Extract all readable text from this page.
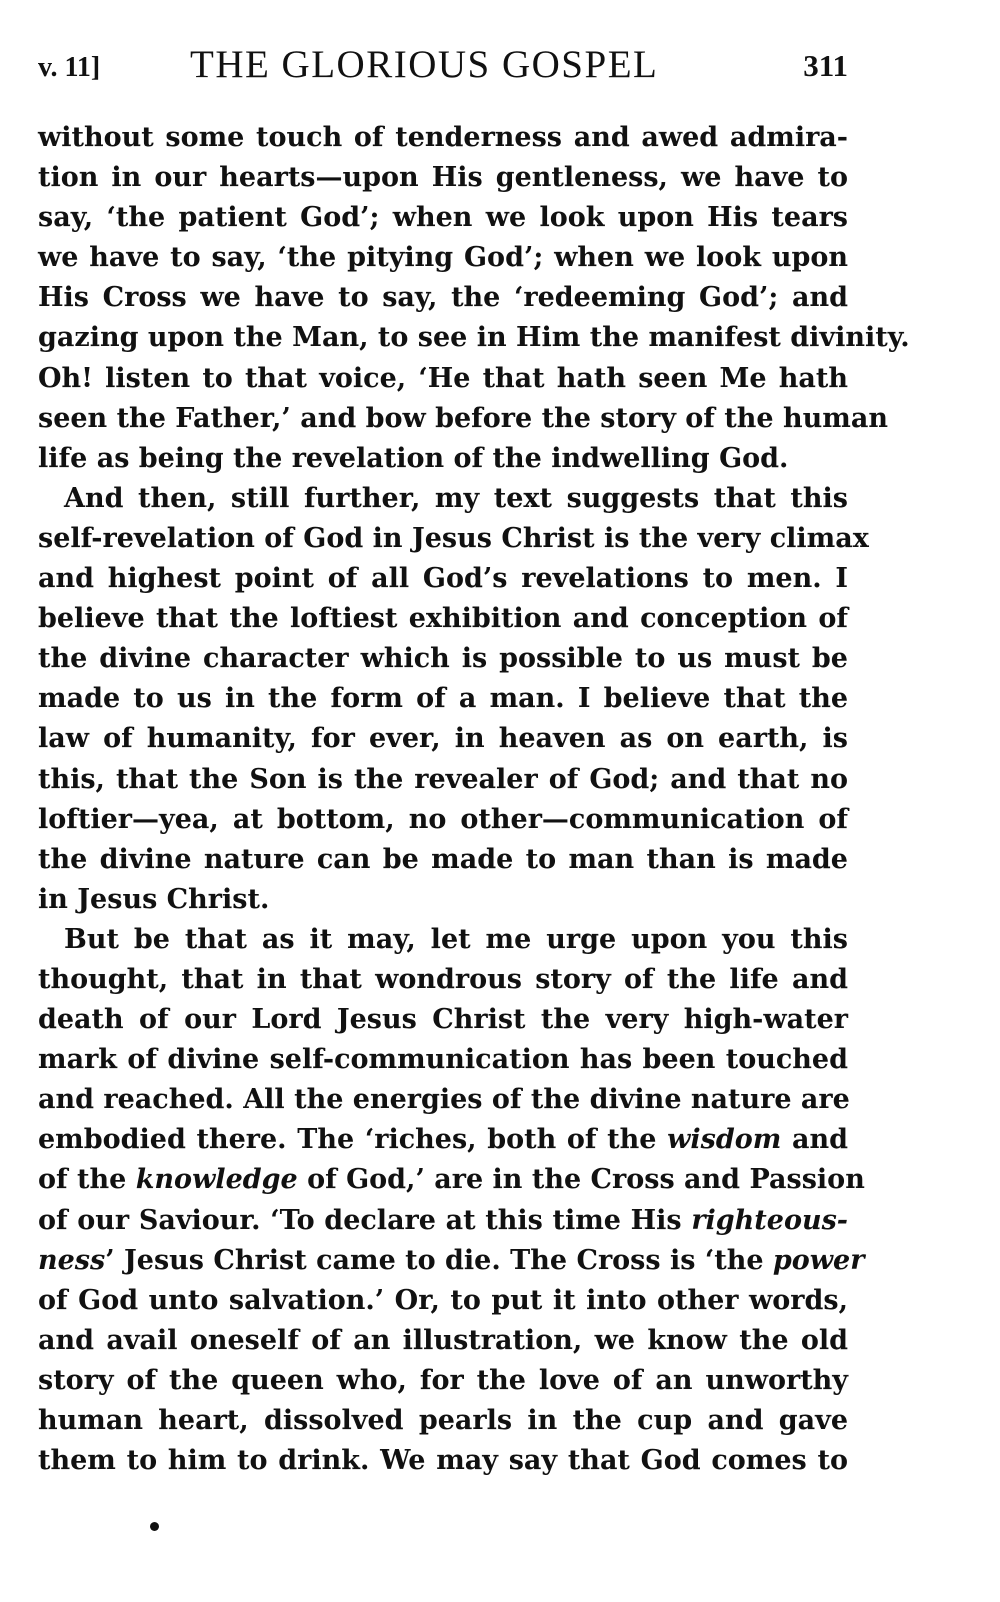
v. 11] THE GLORIOUS GOSPEL	311
without some touch of tenderness and awed admira-
tion in our hearts—upon His gentleness, we have to
say, ‘the patient God’; when we look upon His tears
we have to say, ‘the pitying God’; when we look upon
His Cross we have to say, the ‘redeeming God’; and
gazing upon the Man, to see in Him the manifest divinity.
Oh! listen to that voice, ‘He that hath seen Me hath
seen the Father,’ and bow before the story of the human
life as being the revelation of the indwelling God.
And then, still further, my text suggests that this
self-revelation of God in Jesus Christ is the very climax
and highest point of all God’s revelations to men. I
believe that the loftiest exhibition and conception of
the divine character which is possible to us must be
made to us in the form of a man. I believe that the
law of humanity, for ever, in heaven as on earth, is
this, that the Son is the revealer of God; and that no
loftier—yea, at bottom, no other—communication of
the divine nature can be made to man than is made
in Jesus Christ.
But be that as it may, let me urge upon you this
thought, that in that wondrous story of the life and
death of our Lord Jesus Christ the very high-water
mark of divine self-communication has been touched
and reached. All the energies of the divine nature are
embodied there. The ‘riches, both of the wisdom and
of the knowledge of God,’ are in the Cross and Passion
of our Saviour. ‘To declare at this time His righteous-
ness’ Jesus Christ came to die. The Cross is ‘the power
of God unto salvation.’ Or, to put it into other words,
and avail oneself of an illustration, we know the old
story of the queen who, for the love of an unworthy
human heart, dissolved pearls in the cup and gave
them to him to drink. We may say that God comes to
